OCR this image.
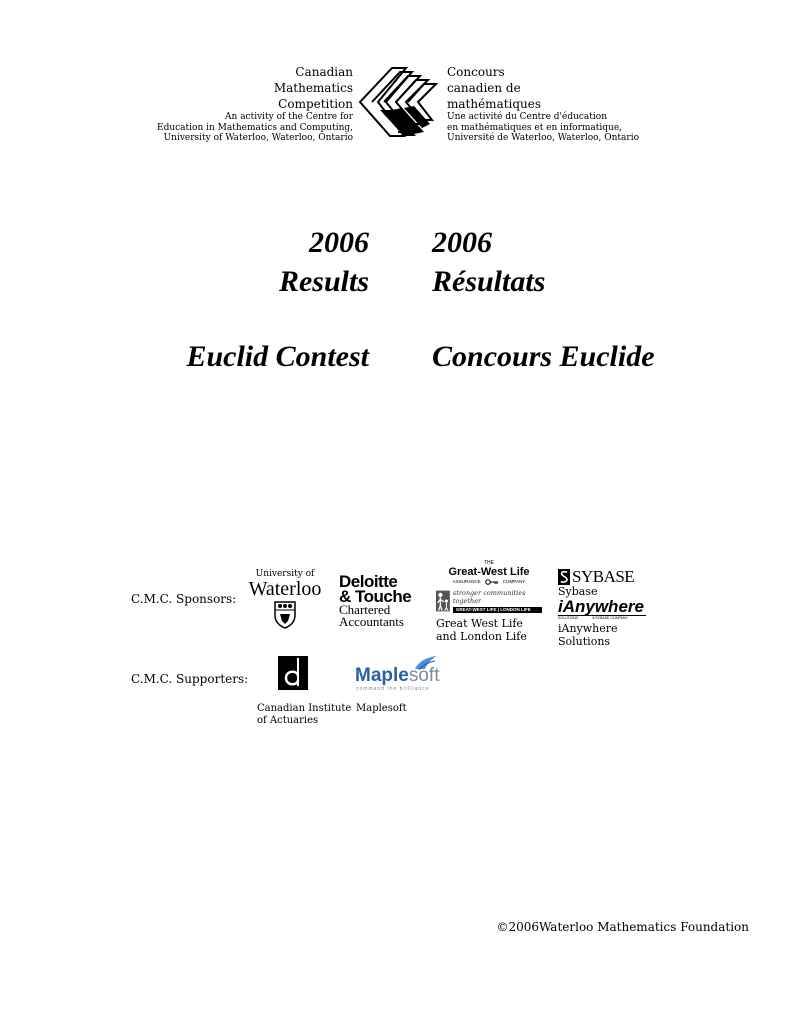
Canadian
Mathematics
Competition
An activity of the Centre for
Education in Mathematics and Computing,
University of Waterloo, Waterloo, Ontario
Concours
canadien de
mathématiques
Une activité du Centre d'éducation
en mathématiques et en informatique,
Université de Waterloo, Waterloo, Ontario
2006 2006
Results Résultats
Euclid Contest Concours Euclide
C.M.C. Sponsors:
University of
Waterloo	Deloitte
& Touche
Chartered
Accountants
THE
Great-West Life
ASSURANCE	COMPANY
stronger communities together
GREAT-WEST LIFE | LONDON LIFE
Great West Life
and London Life
SYBASE
Sybase
iAnywhere
SOLUTIONS	A SYBASE COMPANY
iAnywhere Solutions
C.M.C. Supporters:
Canadian Institute
of Actuaries
Maplesoft
command the brilliance
Maplesoft
©2006Waterloo Mathematics Foundation
